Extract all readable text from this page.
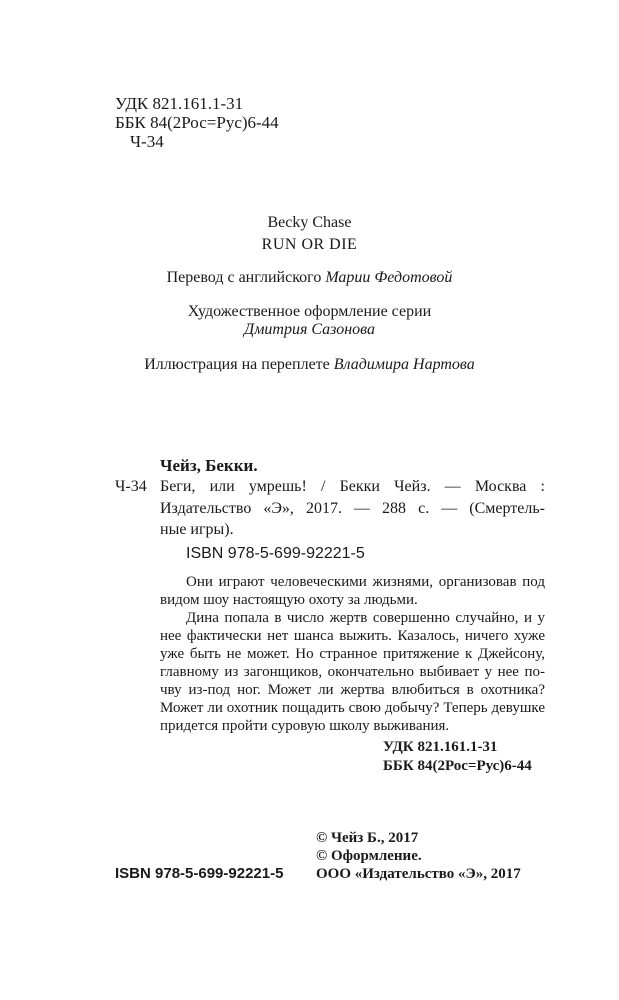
УДК 821.161.1-31
ББК 84(2Рос=Рус)6-44
Ч-34
Becky Chase
RUN OR DIE
Перевод с английского Марии Федотовой
Художественное оформление серии
Дмитрия Сазонова
Иллюстрация на переплете Владимира Нартова
Чейз, Бекки.
Ч-34 Беги, или умрешь! / Бекки Чейз. — Москва :
Издательство «Э», 2017. — 288 с. — (Смертель-
ные игры).
ISBN 978-5-699-92221-5
Они играют человеческими жизнями, организовав под
видом шоу настоящую охоту за людьми.
Дина попала в число жертв совершенно случайно, и у
нее фактически нет шанса выжить. Казалось, ничего хуже
уже быть не может. Но странное притяжение к Джейсону,
главному из загонщиков, окончательно выбивает у нее по-
чву из-под ног. Может ли жертва влюбиться в охотника?
Может ли охотник пощадить свою добычу? Теперь девушке
придется пройти суровую школу выживания.
УДК 821.161.1-31
ББК 84(2Рос=Рус)6-44
© Чейз Б., 2017
© Оформление.
ISBN 978-5-699-92221-5 ООО «Издательство «Э», 2017
